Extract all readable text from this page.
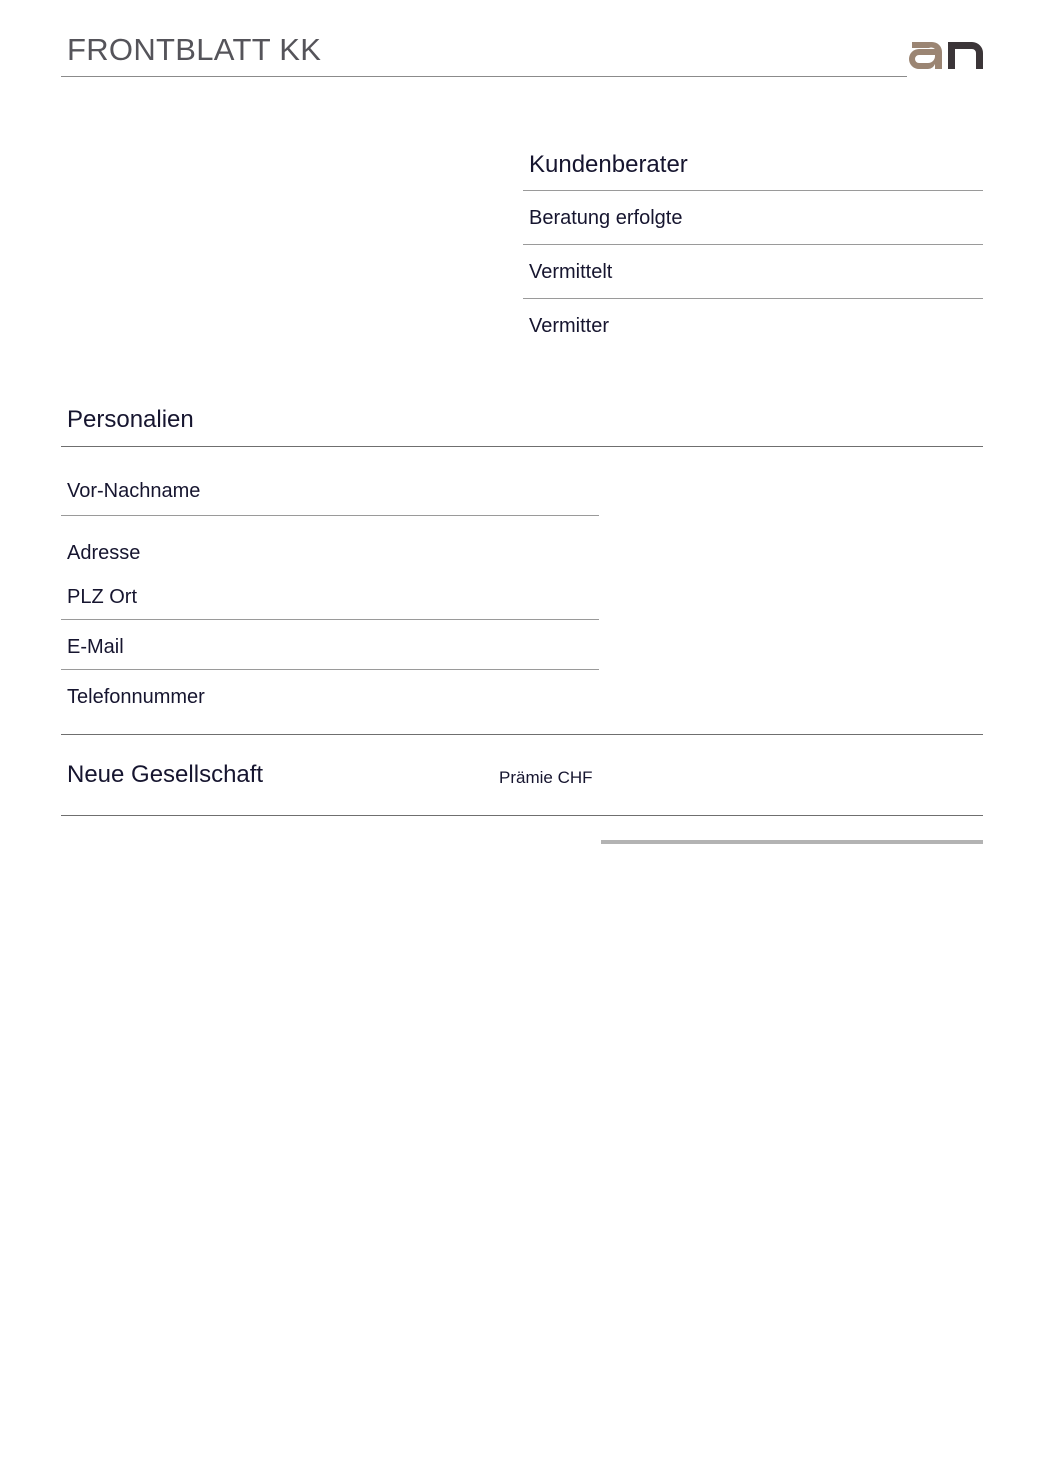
FRONTBLATT KK
Kundenberater
Beratung erfolgte
Vermittelt
Vermitter
Personalien
Vor-Nachname
Adresse
PLZ Ort
E-Mail
Telefonnummer
Neue Gesellschaft	Prämie CHF
